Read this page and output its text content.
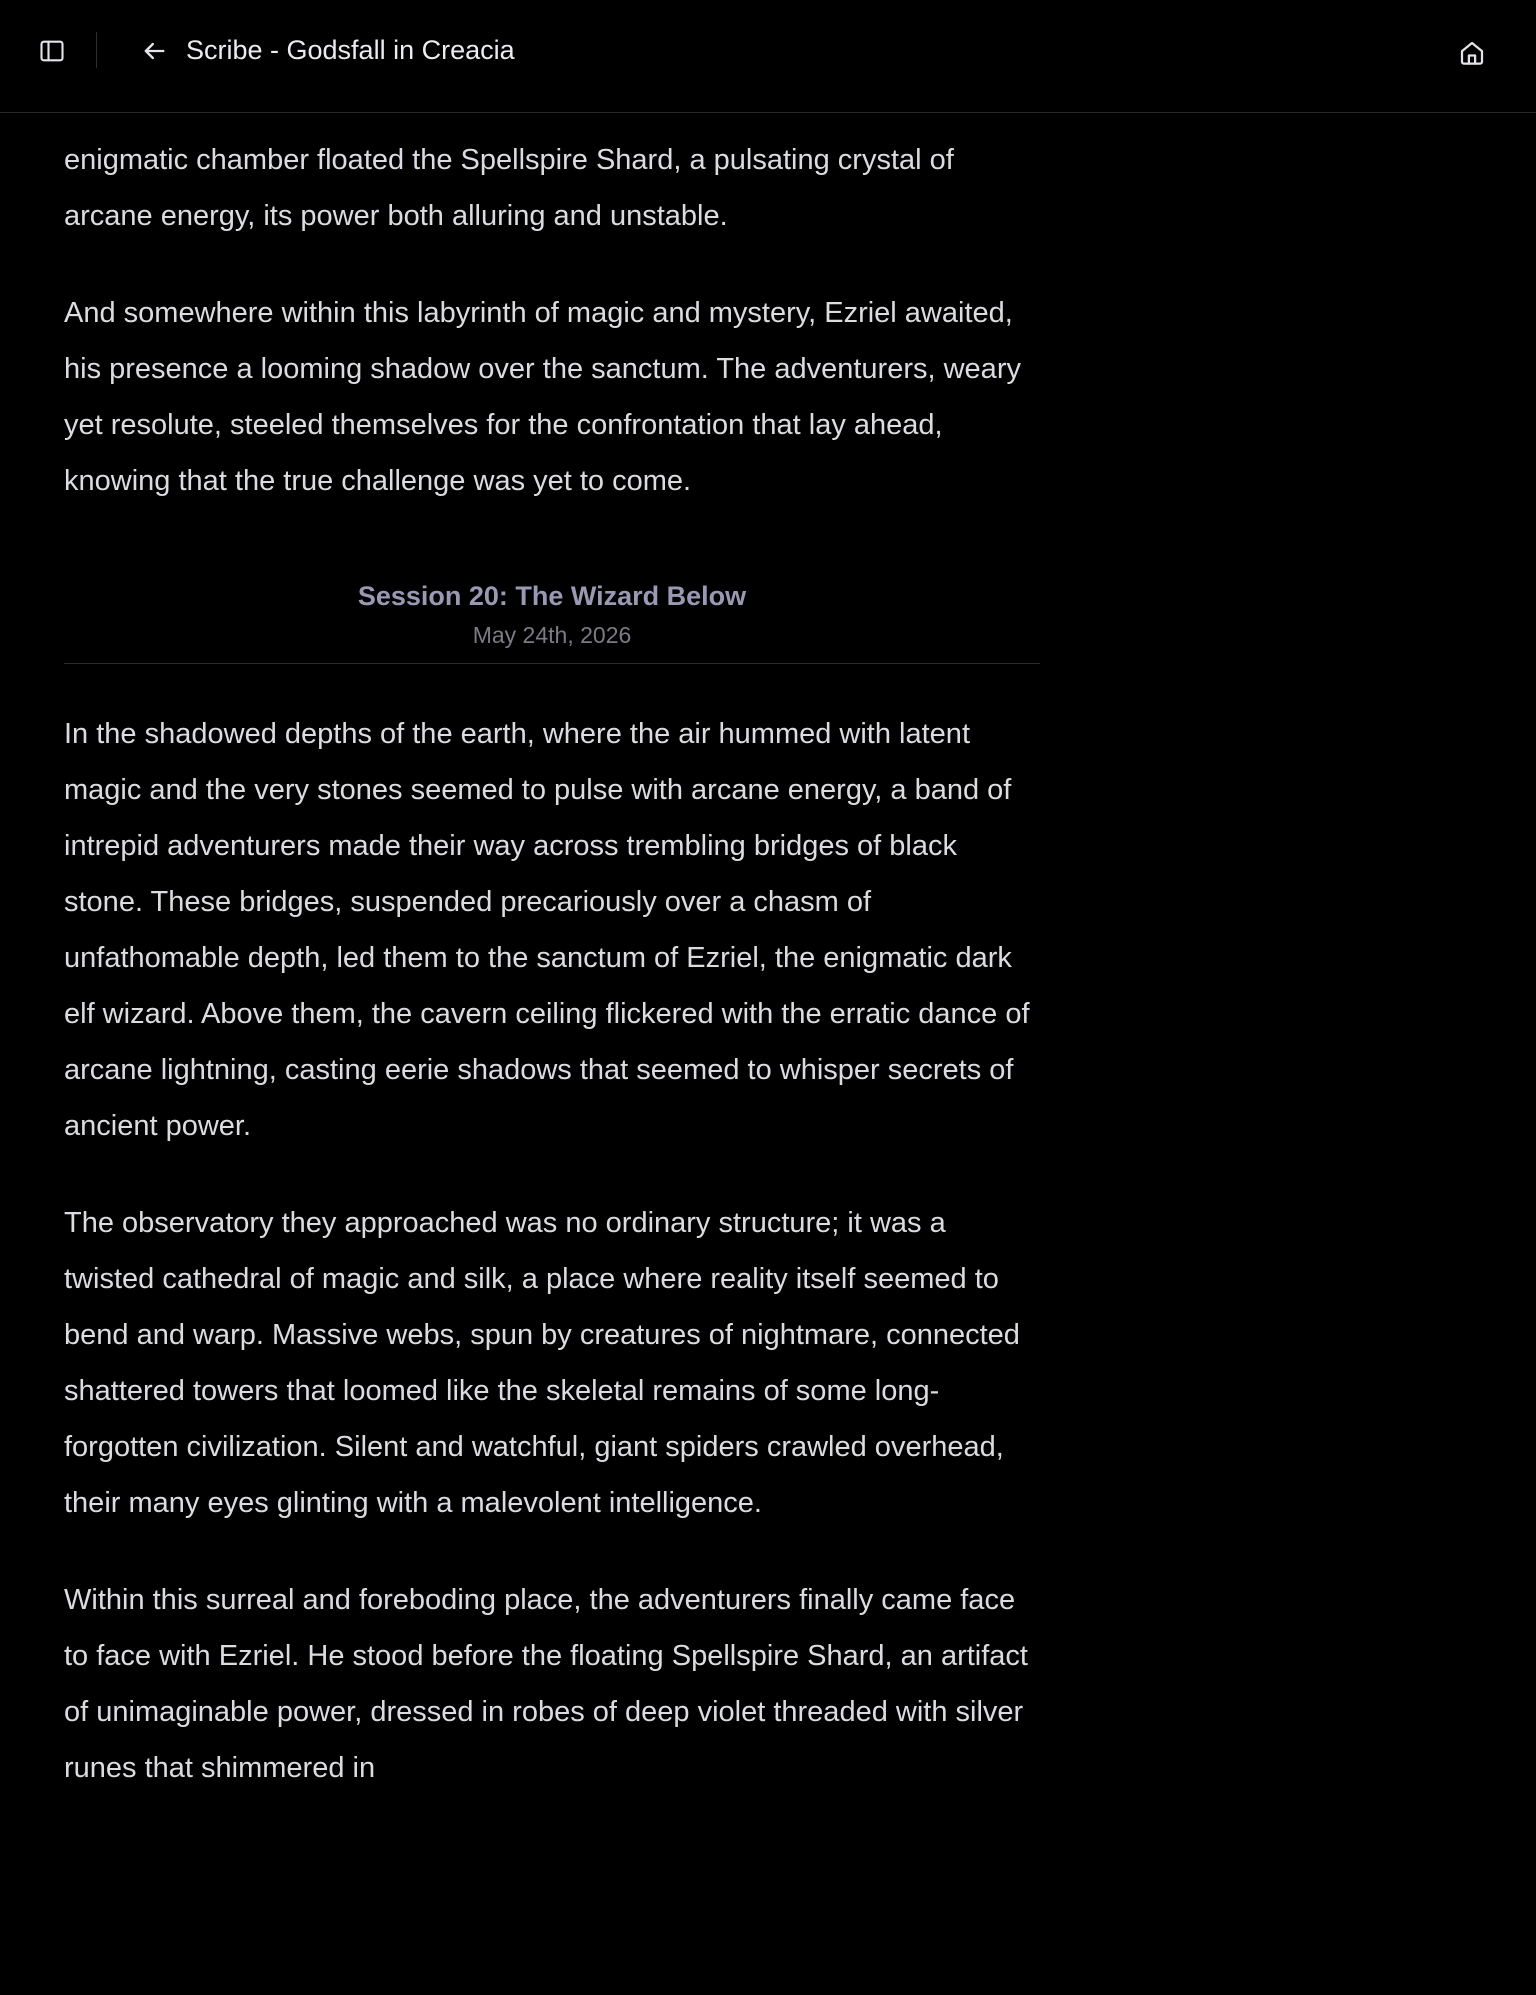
Scribe - Godsfall in Creacia

enigmatic chamber floated the Spellspire Shard, a pulsating crystal of arcane energy, its power both alluring and unstable.

And somewhere within this labyrinth of magic and mystery, Ezriel awaited, his presence a looming shadow over the sanctum. The adventurers, weary yet resolute, steeled themselves for the confrontation that lay ahead, knowing that the true challenge was yet to come.

Session 20: The Wizard Below
May 24th, 2026

In the shadowed depths of the earth, where the air hummed with latent magic and the very stones seemed to pulse with arcane energy, a band of intrepid adventurers made their way across trembling bridges of black stone. These bridges, suspended precariously over a chasm of unfathomable depth, led them to the sanctum of Ezriel, the enigmatic dark elf wizard. Above them, the cavern ceiling flickered with the erratic dance of arcane lightning, casting eerie shadows that seemed to whisper secrets of ancient power.

The observatory they approached was no ordinary structure; it was a twisted cathedral of magic and silk, a place where reality itself seemed to bend and warp. Massive webs, spun by creatures of nightmare, connected shattered towers that loomed like the skeletal remains of some long-forgotten civilization. Silent and watchful, giant spiders crawled overhead, their many eyes glinting with a malevolent intelligence.

Within this surreal and foreboding place, the adventurers finally came face to face with Ezriel. He stood before the floating Spellspire Shard, an artifact of unimaginable power, dressed in robes of deep violet threaded with silver runes that shimmered in
